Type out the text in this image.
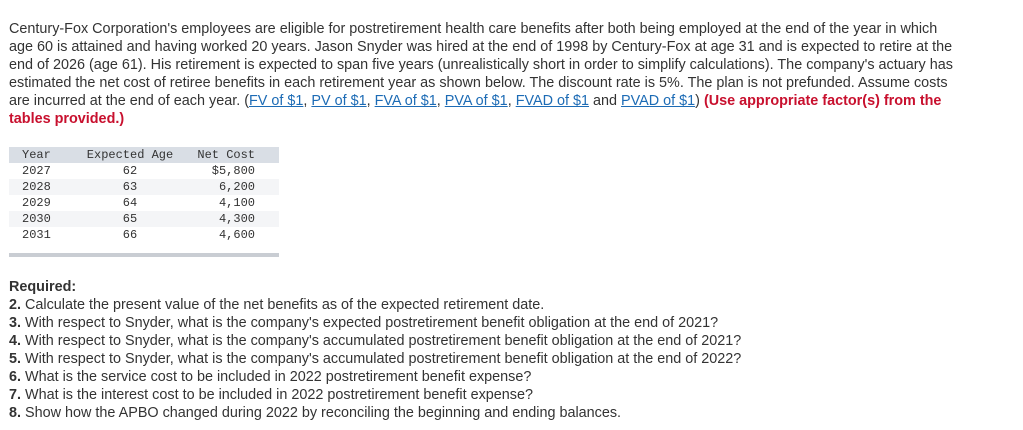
Century-Fox Corporation's employees are eligible for postretirement health care benefits after both being employed at the end of the year in which age 60 is attained and having worked 20 years. Jason Snyder was hired at the end of 1998 by Century-Fox at age 31 and is expected to retire at the end of 2026 (age 61). His retirement is expected to span five years (unrealistically short in order to simplify calculations). The company's actuary has estimated the net cost of retiree benefits in each retirement year as shown below. The discount rate is 5%. The plan is not prefunded. Assume costs are incurred at the end of each year. (FV of $1, PV of $1, FVA of $1, PVA of $1, FVAD of $1 and PVAD of $1) (Use appropriate factor(s) from the tables provided.)
Year	Expected Age	Net Cost
2027	62	$5,800
2028	63	6,200
2029	64	4,100
2030	65	4,300
2031	66	4,600
Required:
2. Calculate the present value of the net benefits as of the expected retirement date.
3. With respect to Snyder, what is the company's expected postretirement benefit obligation at the end of 2021?
4. With respect to Snyder, what is the company's accumulated postretirement benefit obligation at the end of 2021?
5. With respect to Snyder, what is the company's accumulated postretirement benefit obligation at the end of 2022?
6. What is the service cost to be included in 2022 postretirement benefit expense?
7. What is the interest cost to be included in 2022 postretirement benefit expense?
8. Show how the APBO changed during 2022 by reconciling the beginning and ending balances.
